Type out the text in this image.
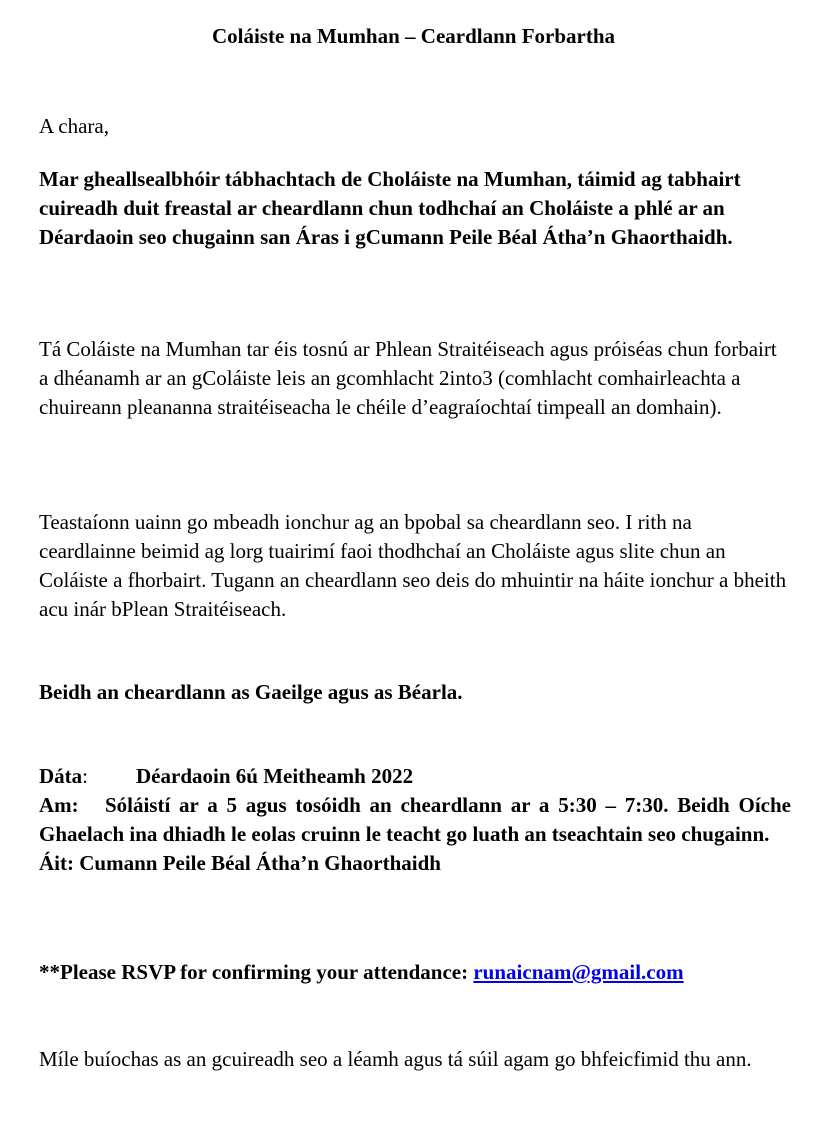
Coláiste na Mumhan – Ceardlann Forbartha
A chara,
Mar gheallsealbhóir tábhachtach de Choláiste na Mumhan, táimid ag tabhairt cuireadh duit freastal ar cheardlann chun todhchaí an Choláiste a phlé ar an Déardaoin seo chugainn san Áras i gCumann Peile Béal Átha’n Ghaorthaidh.
Tá Coláiste na Mumhan tar éis tosnú ar Phlean Straitéiseach agus próiséas chun forbairt a dhéanamh ar an gColáiste leis an gcomhlacht 2into3 (comhlacht comhairleachta a chuireann pleananna straitéiseacha le chéile d’eagraíochtaí timpeall an domhain).
Teastaíonn uainn go mbeadh ionchur ag an bpobal sa cheardlann seo. I rith na ceardlainne beimid ag lorg tuairimí faoi thodhchaí an Choláiste agus slite chun an Coláiste a fhorbairt. Tugann an cheardlann seo deis do mhuintir na háite ionchur a bheith acu inár bPlean Straitéiseach.
Beidh an cheardlann as Gaeilge agus as Béarla.
Dáta: Déardaoin 6ú Meitheamh 2022
Am:   Sóláistí ar a 5 agus tosóidh an cheardlann ar a 5:30 – 7:30. Beidh Oíche Ghaelach ina dhiadh le eolas cruinn le teacht go luath an tseachtain seo chugainn.
Áit: Cumann Peile Béal Átha’n Ghaorthaidh
**Please RSVP for confirming your attendance: runaicnam@gmail.com
Míle buíochas as an gcuireadh seo a léamh agus tá súil agam go bhfeicfimid thu ann.
